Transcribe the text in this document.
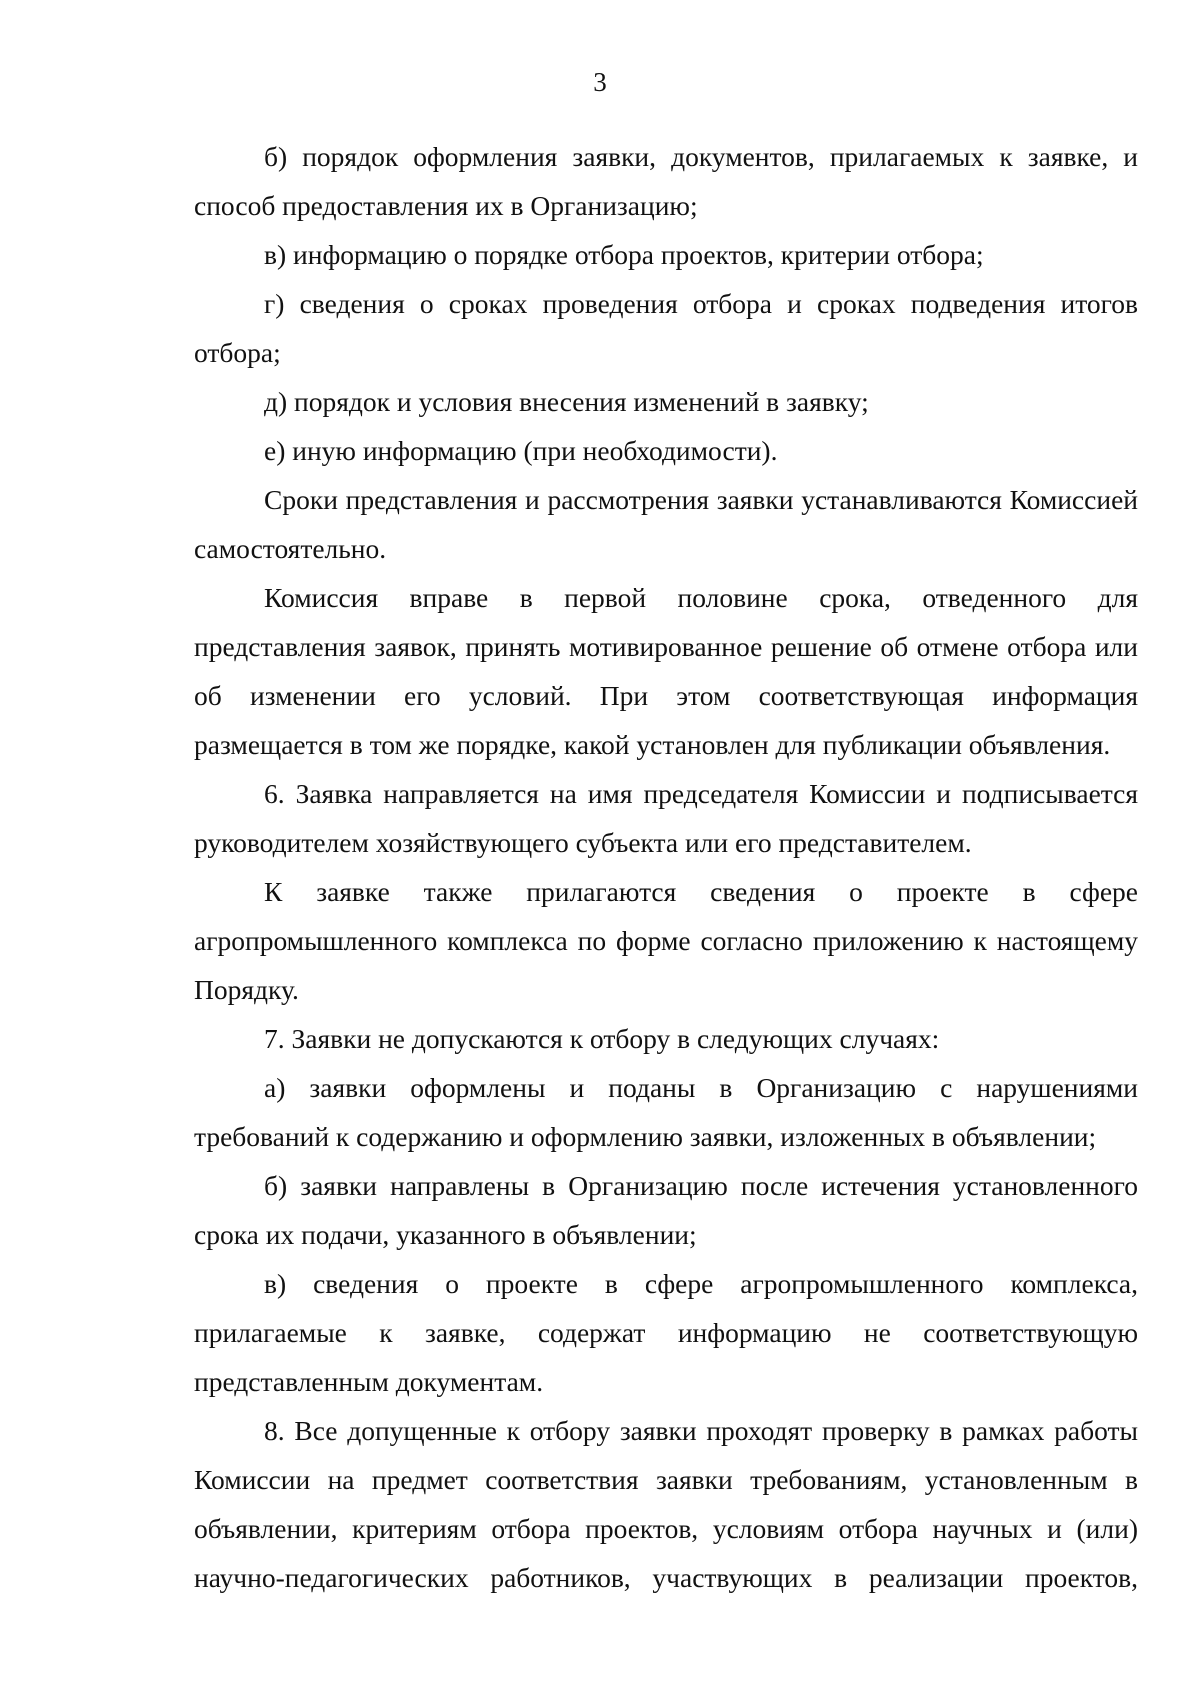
3

б) порядок оформления заявки, документов, прилагаемых к заявке, и способ предоставления их в Организацию;

в) информацию о порядке отбора проектов, критерии отбора;

г) сведения о сроках проведения отбора и сроках подведения итогов отбора;

д) порядок и условия внесения изменений в заявку;

е) иную информацию (при необходимости).

Сроки представления и рассмотрения заявки устанавливаются Комиссией самостоятельно.

Комиссия вправе в первой половине срока, отведенного для представления заявок, принять мотивированное решение об отмене отбора или об изменении его условий. При этом соответствующая информация размещается в том же порядке, какой установлен для публикации объявления.

6. Заявка направляется на имя председателя Комиссии и подписывается руководителем хозяйствующего субъекта или его представителем.

К заявке также прилагаются сведения о проекте в сфере агропромышленного комплекса по форме согласно приложению к настоящему Порядку.

7. Заявки не допускаются к отбору в следующих случаях:

а) заявки оформлены и поданы в Организацию с нарушениями требований к содержанию и оформлению заявки, изложенных в объявлении;

б) заявки направлены в Организацию после истечения установленного срока их подачи, указанного в объявлении;

в) сведения о проекте в сфере агропромышленного комплекса, прилагаемые к заявке, содержат информацию не соответствующую представленным документам.

8. Все допущенные к отбору заявки проходят проверку в рамках работы Комиссии на предмет соответствия заявки требованиям, установленным в объявлении, критериям отбора проектов, условиям отбора научных и (или) научно-педагогических работников, участвующих в реализации проектов,
